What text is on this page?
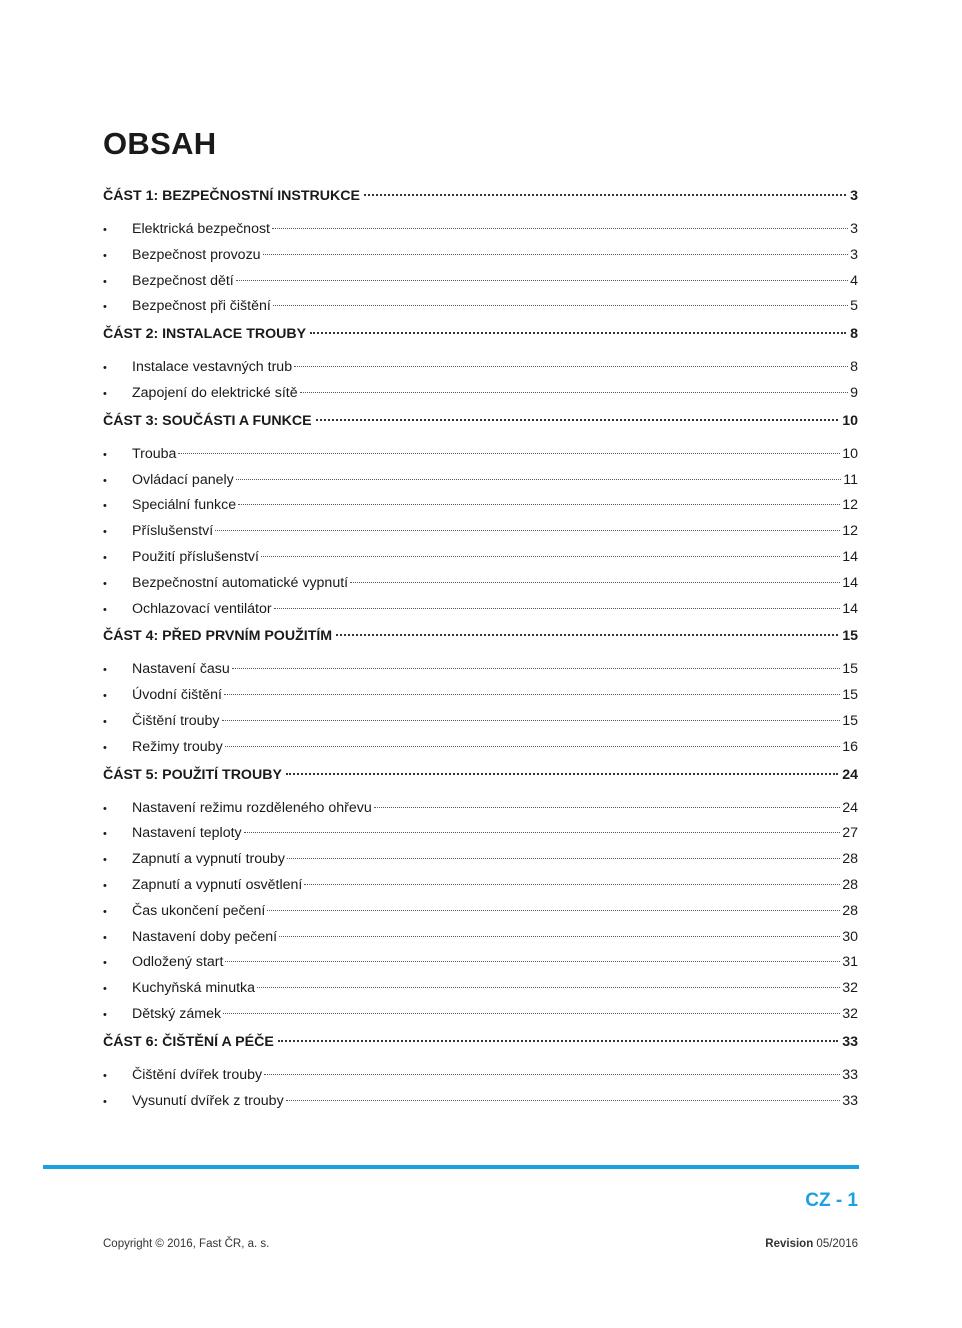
OBSAH
ČÁST 1: BEZPEČNOSTNÍ INSTRUKCE	3
•	Elektrická bezpečnost	3
•	Bezpečnost provozu	3
•	Bezpečnost dětí	4
•	Bezpečnost při čištění	5
ČÁST 2: INSTALACE TROUBY	8
•	Instalace vestavných trub	8
•	Zapojení do elektrické sítě	9
ČÁST 3: SOUČÁSTI A FUNKCE	10
•	Trouba	10
•	Ovládací panely	11
•	Speciální funkce	12
•	Příslušenství	12
•	Použití příslušenství	14
•	Bezpečnostní automatické vypnutí	14
•	Ochlazovací ventilátor	14
ČÁST 4: PŘED PRVNÍM POUŽITÍM	15
•	Nastavení času	15
•	Úvodní čištění	15
•	Čištění trouby	15
•	Režimy trouby	16
ČÁST 5: POUŽITÍ TROUBY	24
•	Nastavení režimu rozděleného ohřevu	24
•	Nastavení teploty	27
•	Zapnutí a vypnutí trouby	28
•	Zapnutí a vypnutí osvětlení	28
•	Čas ukončení pečení	28
•	Nastavení doby pečení	30
•	Odložený start	31
•	Kuchyňská minutka	32
•	Dětský zámek	32
ČÁST 6: ČIŠTĚNÍ A PÉČE	33
•	Čištění dvířek trouby	33
•	Vysunutí dvířek z trouby	33
CZ - 1
Copyright © 2016, Fast ČR, a. s.	Revision 05/2016
